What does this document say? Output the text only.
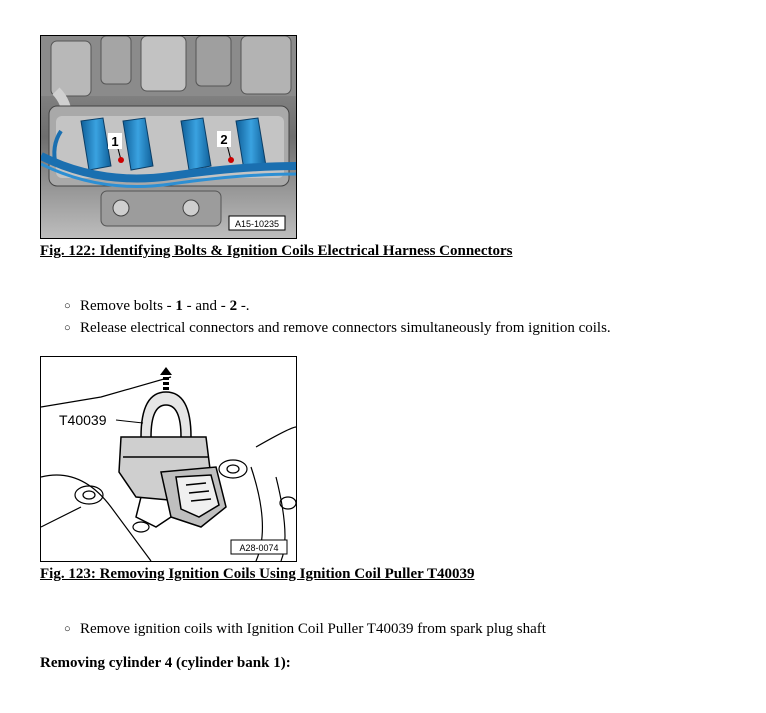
1	2
A15-10235
Fig. 122: Identifying Bolts & Ignition Coils Electrical Harness Connectors
○ Remove bolts - 1 - and - 2 -.
○ Release electrical connectors and remove connectors simultaneously from ignition coils.
T40039
A28-0074
Fig. 123: Removing Ignition Coils Using Ignition Coil Puller T40039
○ Remove ignition coils with Ignition Coil Puller T40039 from spark plug shaft
Removing cylinder 4 (cylinder bank 1):
